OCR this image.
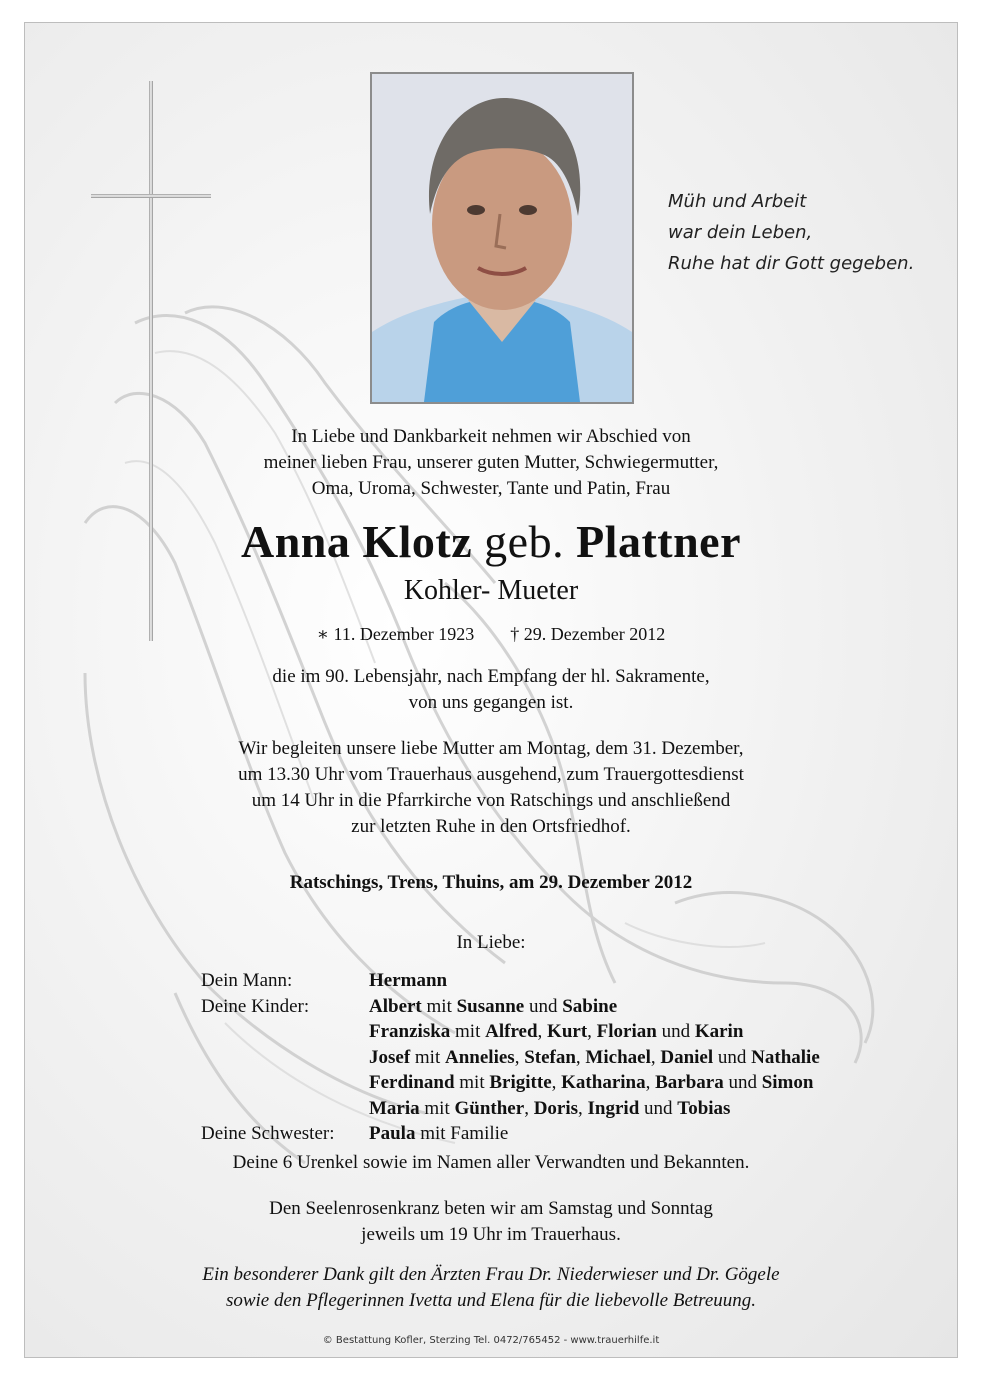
Müh und Arbeit
war dein Leben,
Ruhe hat dir Gott gegeben.
In Liebe und Dankbarkeit nehmen wir Abschied von
meiner lieben Frau, unserer guten Mutter, Schwiegermutter,
Oma, Uroma, Schwester, Tante und Patin, Frau
Anna Klotz geb. Plattner
Kohler- Mueter
∗ 11. Dezember 1923 † 29. Dezember 2012
die im 90. Lebensjahr, nach Empfang der hl. Sakramente,
von uns gegangen ist.
Wir begleiten unsere liebe Mutter am Montag, dem 31. Dezember,
um 13.30 Uhr vom Trauerhaus ausgehend, zum Trauergottesdienst
um 14 Uhr in die Pfarrkirche von Ratschings und anschließend
zur letzten Ruhe in den Ortsfriedhof.
Ratschings, Trens, Thuins, am 29. Dezember 2012
In Liebe:
Dein Mann:	Hermann
Deine Kinder:	Albert mit Susanne und Sabine
Franziska mit Alfred, Kurt, Florian und Karin
Josef mit Annelies, Stefan, Michael, Daniel und Nathalie
Ferdinand mit Brigitte, Katharina, Barbara und Simon
Maria mit Günther, Doris, Ingrid und Tobias
Deine Schwester:	Paula mit Familie
Deine 6 Urenkel sowie im Namen aller Verwandten und Bekannten.
Den Seelenrosenkranz beten wir am Samstag und Sonntag
jeweils um 19 Uhr im Trauerhaus.
Ein besonderer Dank gilt den Ärzten Frau Dr. Niederwieser und Dr. Gögele
sowie den Pflegerinnen Ivetta und Elena für die liebevolle Betreuung.
© Bestattung Kofler, Sterzing Tel. 0472/765452 - www.trauerhilfe.it
